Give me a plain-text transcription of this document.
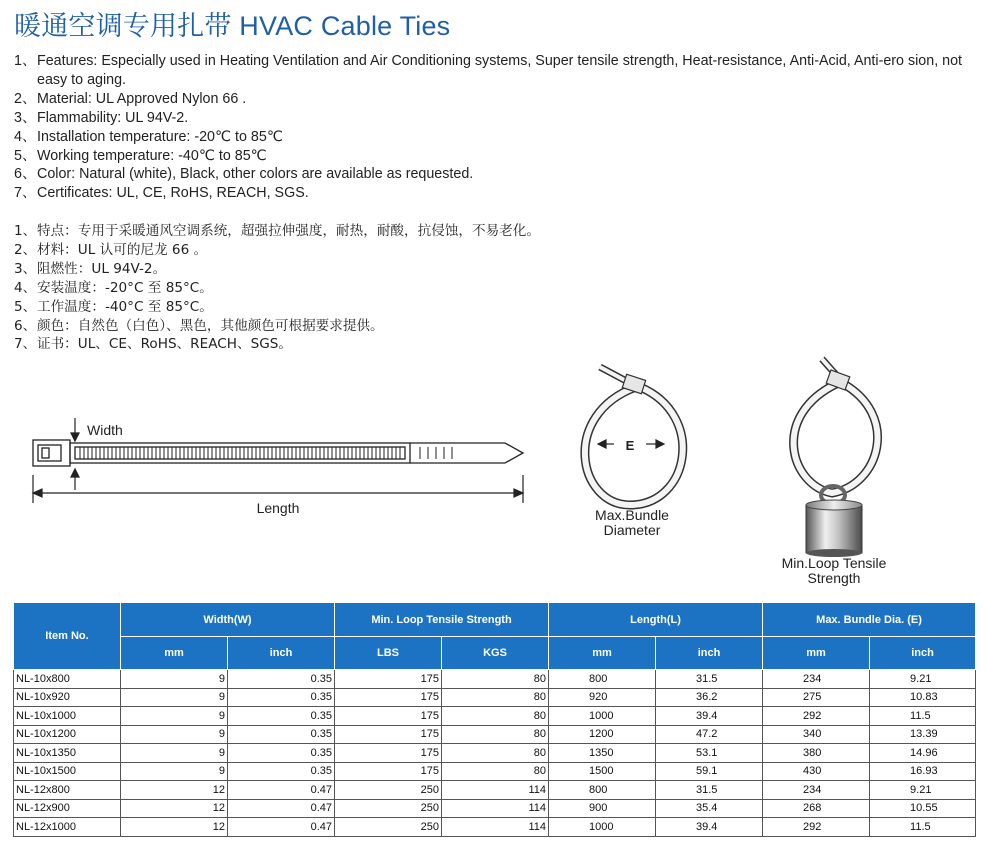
暖通空调专用扎带 HVAC Cable Ties
1、 Features: Especially used in Heating Ventilation and Air Conditioning systems, Super tensile strength, Heat-resistance, Anti-Acid, Anti-ero sion, not easy to aging.
2、 Material: UL Approved Nylon 66 .
3、 Flammability: UL 94V-2.
4、 Installation temperature: -20℃ to 85℃
5、 Working temperature: -40℃ to 85℃
6、 Color: Natural (white), Black, other colors are available as requested.
7、 Certificates: UL, CE, RoHS, REACH, SGS.
1、 特点：专用于采暖通风空调系统，超强拉伸强度，耐热，耐酸，抗侵蚀，不易老化。
2、 材料：UL 认可的尼龙 66 。
3、 阻燃性：UL 94V-2。
4、 安装温度：-20°C 至 85°C。
5、 工作温度：-40°C 至 85°C。
6、 颜色：自然色（白色）、黑色，其他颜色可根据要求提供。
7、 证书：UL、CE、RoHS、REACH、SGS。
Width
Length
E
Max.Bundle
Diameter
Min.Loop Tensile
Strength
Item No.	Width(W)		Min. Loop Tensile Strength		Length(L)		Max. Bundle Dia. (E)	
	mm	inch	LBS	KGS	mm	inch	mm	inch
NL-10x800	9	0.35	175	80	800	31.5	234	9.21
NL-10x920	9	0.35	175	80	920	36.2	275	10.83
NL-10x1000	9	0.35	175	80	1000	39.4	292	11.5
NL-10x1200	9	0.35	175	80	1200	47.2	340	13.39
NL-10x1350	9	0.35	175	80	1350	53.1	380	14.96
NL-10x1500	9	0.35	175	80	1500	59.1	430	16.93
NL-12x800	12	0.47	250	114	800	31.5	234	9.21
NL-12x900	12	0.47	250	114	900	35.4	268	10.55
NL-12x1000	12	0.47	250	114	1000	39.4	292	11.5
